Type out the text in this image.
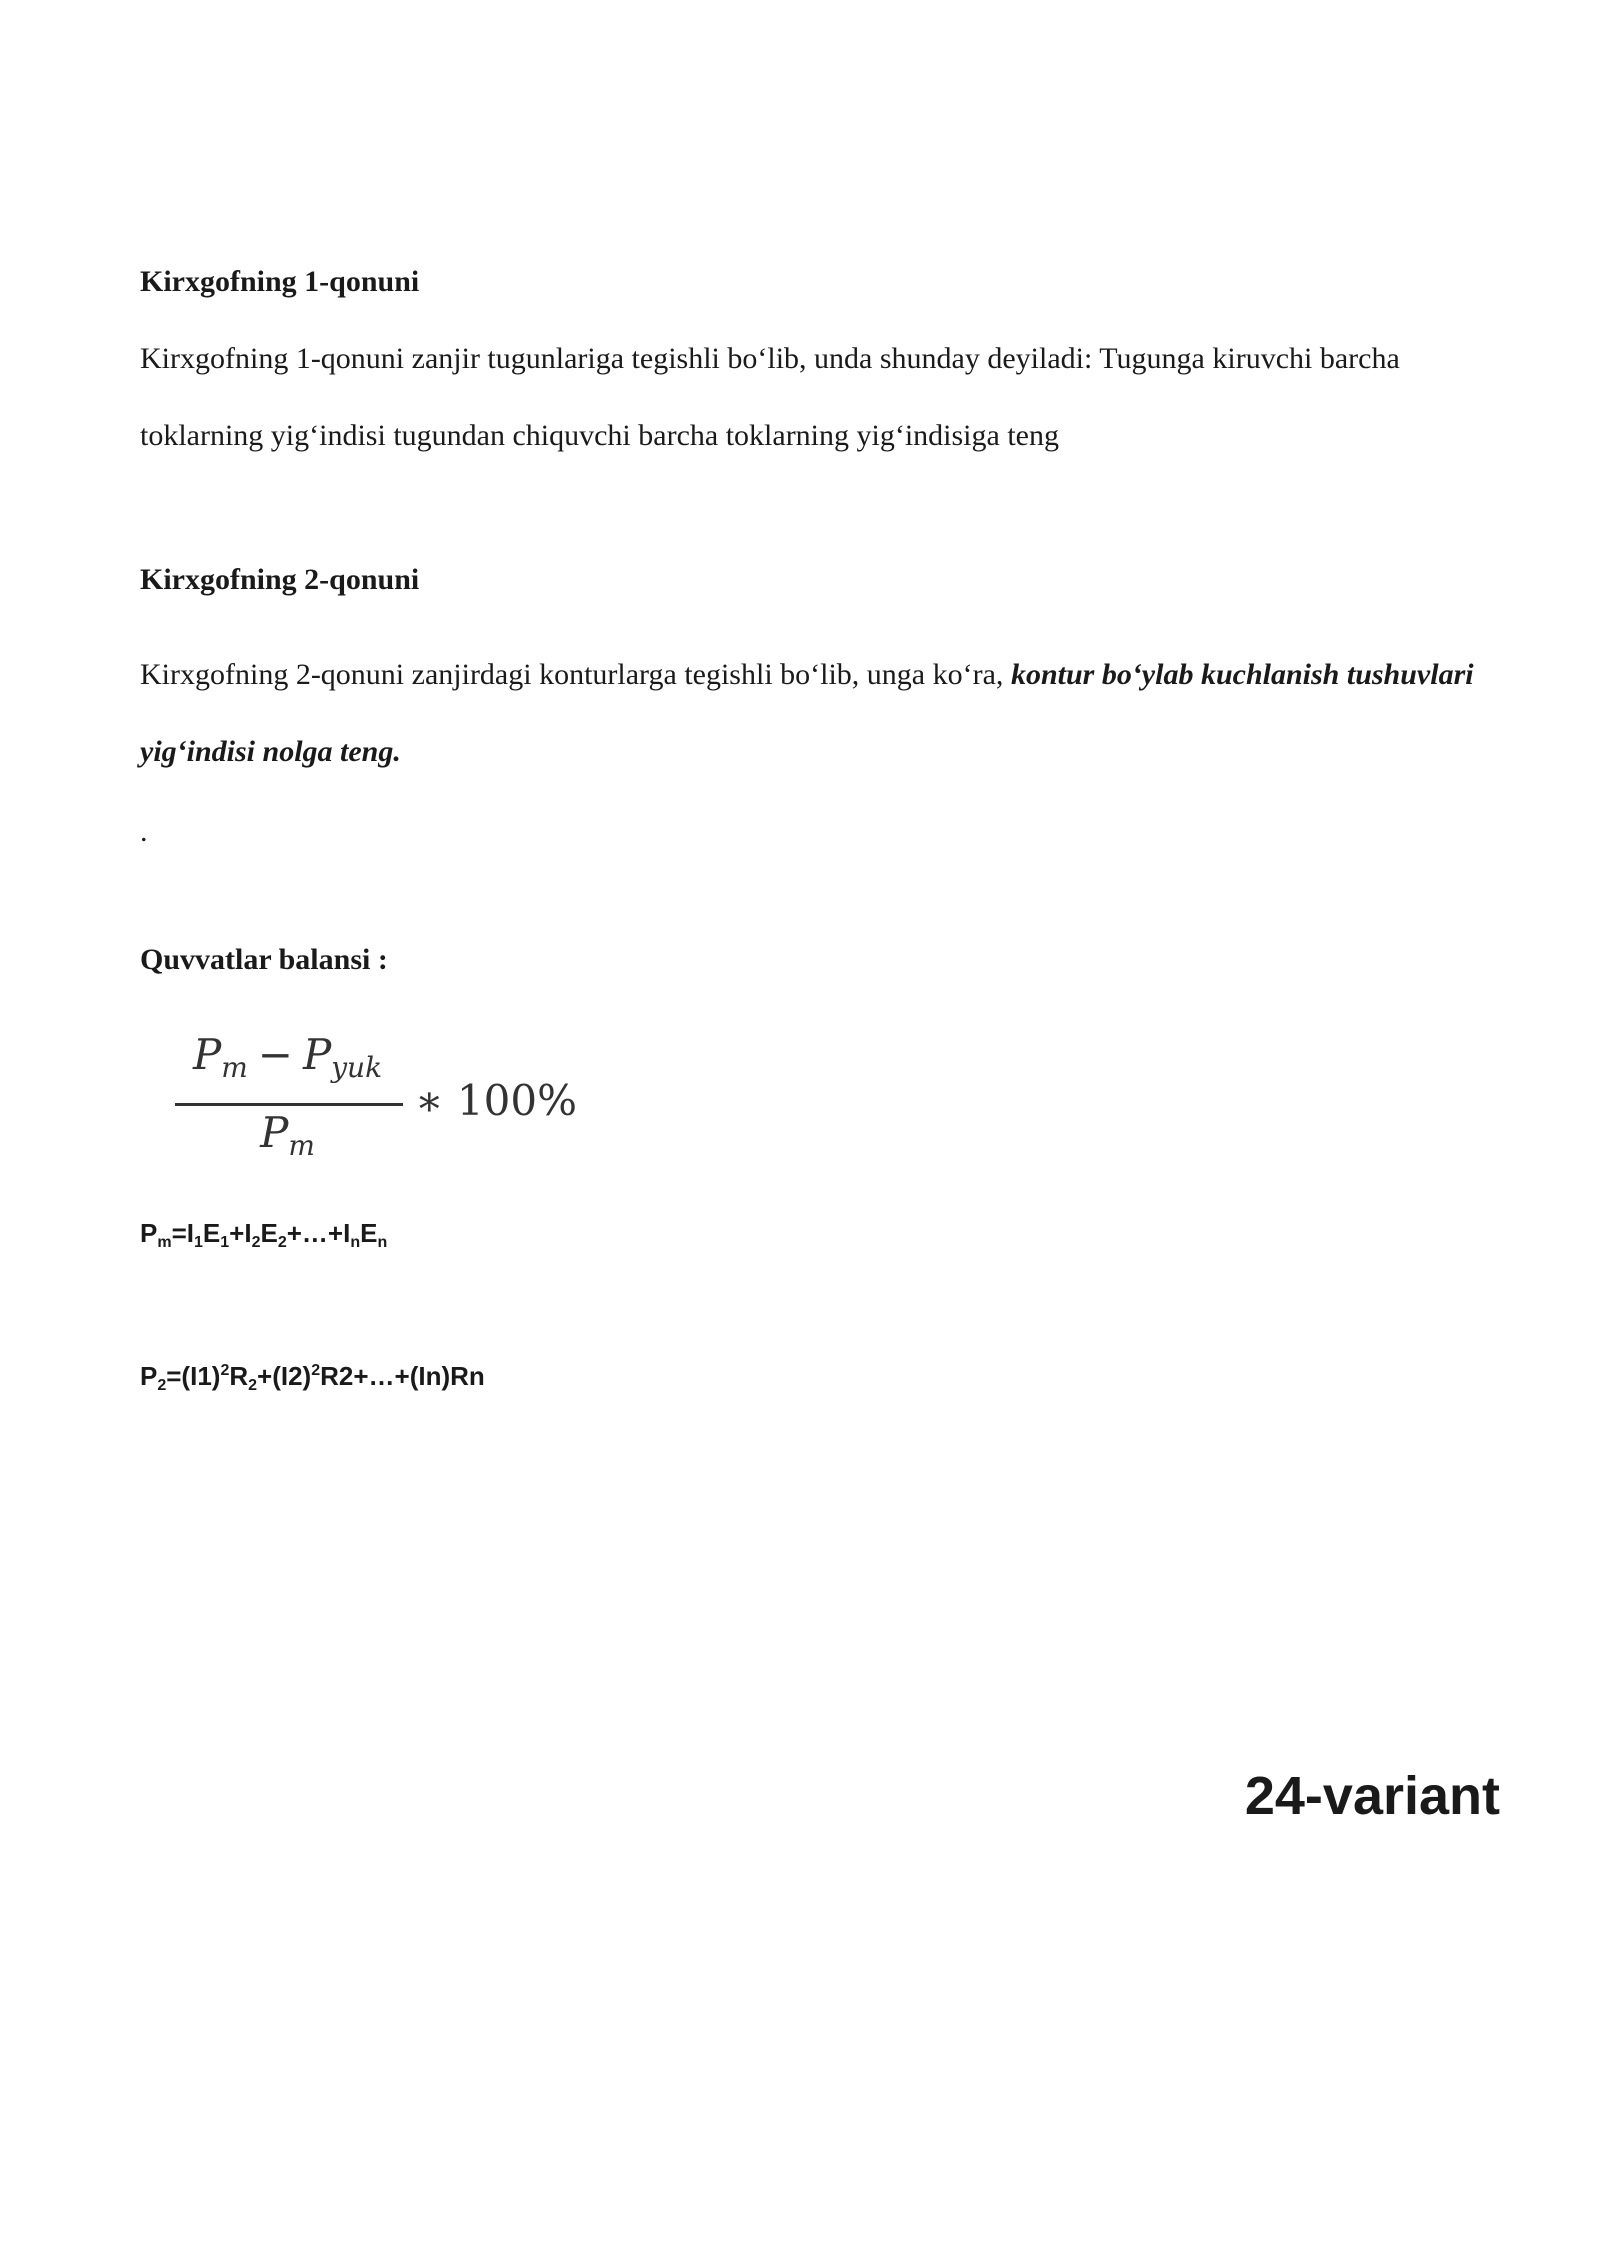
Kirxgofning 1-qonuni
Kirxgofning 1-qonuni zanjir tugunlariga tegishli bo‘lib, unda shunday deyiladi: Tugunga kiruvchi barcha toklarning yig‘indisi tugundan chiquvchi barcha toklarning yig‘indisiga teng
Kirxgofning 2-qonuni
Kirxgofning 2-qonuni zanjirdagi konturlarga tegishli bo‘lib, unga ko‘ra, kontur bo‘ylab kuchlanish tushuvlari yig‘indisi nolga teng.
.
Quvvatlar balansi :
$P_m - P_{yuk}$
$P_m$
∗ 100%
$P_m=I_1E_1+I_2E_2+\dots+I_nE_n$
$P_2=(I1)^2R_2+(I2)^2R2+\dots+(In)Rn$
24-variant
